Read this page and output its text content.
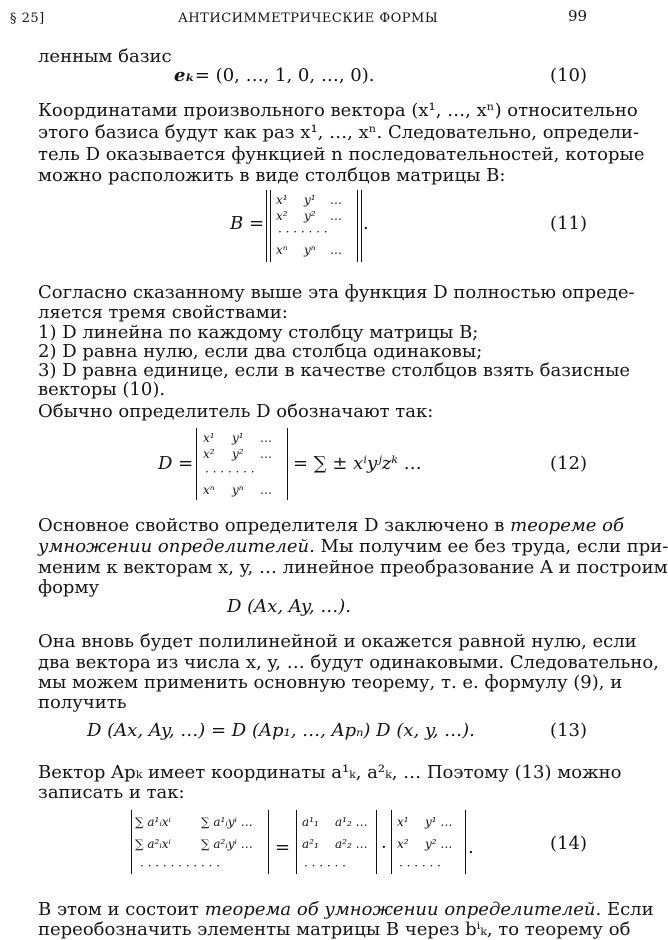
§ 25]	АНТИСИММЕТРИЧЕСКИЕ ФОРМЫ	99
ленным базис
eₖ= (0, …, 1, 0, …, 0).	(10)
Координатами произвольного вектора (x¹, …, xⁿ) относительно
этого базиса будут как раз x¹, …, xⁿ. Следовательно, определи-
тель D оказывается функцией n последовательностей, которые
можно расположить в виде столбцов матрицы B:
B =
x¹ y¹ …
x² y² …
· · · · · · ·
xⁿ yⁿ …
.	(11)
Согласно сказанному выше эта функция D полностью опреде-
ляется тремя свойствами:
1) D линейна по каждому столбцу матрицы B;
2) D равна нулю, если два столбца одинаковы;
3) D равна единице, если в качестве столбцов взять базисные
векторы (10).
Обычно определитель D обозначают так:
D =
x¹ y¹ …
x² y² …
· · · · · · ·
xⁿ yⁿ …
= ∑ ± xⁱyʲzᵏ …	(12)
Основное свойство определителя D заключено в теореме об
умножении определителей. Мы получим ее без труда, если при-
меним к векторам x, y, … линейное преобразование A и построим
форму
D (Ax, Ay, …).
Она вновь будет полилинейной и окажется равной нулю, если
два вектора из числа x, y, … будут одинаковыми. Следовательно,
мы можем применить основную теорему, т. е. формулу (9), и
получить
D (Ax, Ay, …) = D (Ap₁, …, Apₙ) D (x, y, …).	(13)
Вектор Apₖ имеет координаты a¹ₖ, a²ₖ, … Поэтому (13) можно
записать и так:
∑ a¹ᵢxⁱ	∑ a¹ᵢyⁱ …
∑ a²ᵢxⁱ	∑ a²ᵢyⁱ …
· · · · · · · · · · ·
=
a¹₁ a¹₂ …
a²₁ a²₂ …
· · · · · ·
·
x¹ y¹ …
x² y² …
· · · · · ·
.	(14)
В этом и состоит теорема об умножении определителей. Если
переобозначить элементы матрицы B через bⁱₖ, то теорему об
